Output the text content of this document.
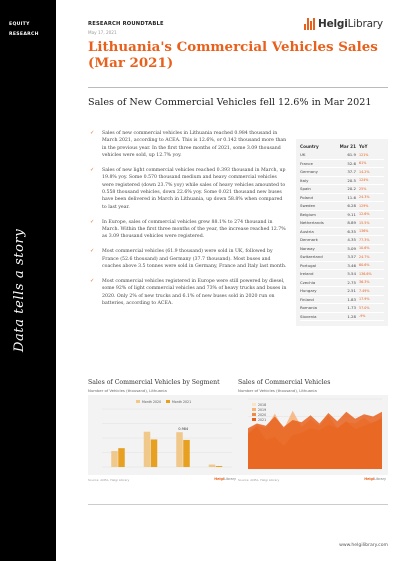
EQUITY
RESEARCH
Data tells a story
RESEARCH ROUNDTABLE
May 17, 2021
HelgiLibrary
Lithuania's Commercial Vehicles Sales (Mar 2021)
Sales of New Commercial Vehicles fell 12.6% in Mar 2021
✓ Sales of new commercial vehicles in Lithuania reached 0.984 thousand in March 2021, according to ACEA. This is 12.6%, or 0.142 thousand more than in the previous year. In the first three months of 2021, some 3.09 thousand vehicles were sold, up 12.7% yoy.
✓ Sales of new light commercial vehicles reached 0.393 thousand in March, up 19.8% yoy. Some 0.570 thousand medium and heavy commercial vehicles were registered (down 23.7% yoy) while sales of heavy vehicles amounted to 0.558 thousand vehicles, down 22.6% yoy. Some 0.021 thousand new buses have been delivered in March in Lithuania, up down 58.8% when compared to last year.
✓ In Europe, sales of commercial vehicles grew 88.1% to 274 thousand in March. Within the first three months of the year, the increase reached 12.7% as 3.09 thousand vehicles were registered.
✓ Most commercial vehicles (61.9 thousand) were sold in UK, followed by France (52.6 thousand) and Germany (37.7 thousand). Most buses and coaches above 3.5 tonnes were sold in Germany, France and Italy last month.
✓ Most commercial vehicles registered in Europe were still powered by diesel, some 92% of light commercial vehicles and 73% of heavy trucks and buses in 2020. Only 2% of new trucks and 6.1% of new buses sold in 2020 run on batteries, according to ACEA.
Country	Mar 21 YoY
UK	61.9 121%
France	52.6 61%
Germany	37.7 14.2%
Italy	20.5 124%
Spain	20.2 25%
Poland	11.6 24.3%
Sweden	6.28 129%
Belgium	9.11 12.6%
Netherlands	8.89 15.5%
Austria	6.35 136%
Denmark	4.35 77.3%
Norway	5.09 10.6%
Switzerland	3.57 24.7%
Portugal	3.46 60.6%
Ireland	5.54 136.6%
Czechia	2.75 36.3%
Hungary	2.51 7.49%
Finland	1.83 17.9%
Romania	1.73 57.0%
Slovenia	1.28 -9%
Sales of Commercial Vehicles by Segment
Number of Vehicles (thousand), Lithuania
Month 2020	Month 2021
0.984
Source: ACEA, Helgi Library	HelgiLibrary
Sales of Commercial Vehicles
Number of Vehicles (thousand), Lithuania
2018
2019
2020
2021
Source: ACEA, Helgi Library	HelgiLibrary
www.helgilibrary.com
